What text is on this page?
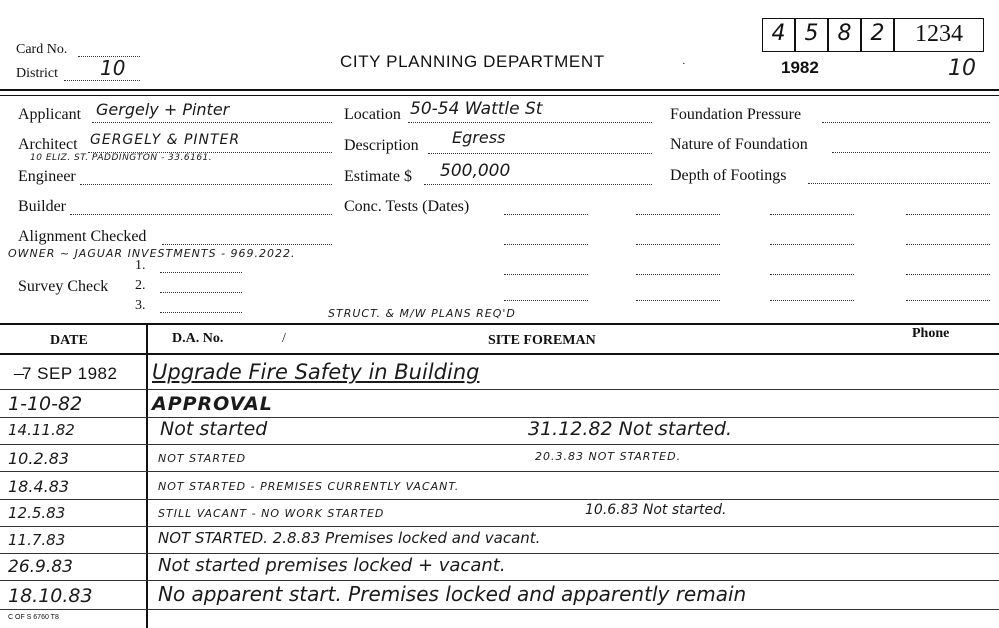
Card No.
District 10	CITY PLANNING DEPARTMENT	·	1982
4 5 8 2	1234
10
Applicant Gergely + Pinter
Architect GERGELY & PINTER
10 ELIZ. ST. PADDINGTON - 33.6161.
Engineer
Builder
Alignment Checked
OWNER ~ JAGUAR INVESTMENTS - 969.2022.
1.
Survey Check 2.
3.
Location 50-54 Wattle St
Description Egress
Estimate $ 500,000
Conc. Tests (Dates)
Foundation Pressure
Nature of Foundation
Depth of Footings
STRUCT. & M/W PLANS REQ'D
DATE	D.A. No.	/	SITE FOREMAN	Phone
7 SEP 1982 Upgrade Fire Safety in Building
–
1-10-82	APPROVAL
14.11.82	Not started	31.12.82 Not started.
10.2.83	NOT STARTED	20.3.83 NOT STARTED.
18.4.83	NOT STARTED - PREMISES CURRENTLY VACANT.
12.5.83	STILL VACANT - NO WORK STARTED	10.6.83 Not started.
11.7.83	NOT STARTED. 2.8.83 Premises locked and vacant.
26.9.83	Not started premises locked + vacant.
18.10.83	No apparent start. Premises locked and apparently remain
C OF S 6760 T8
